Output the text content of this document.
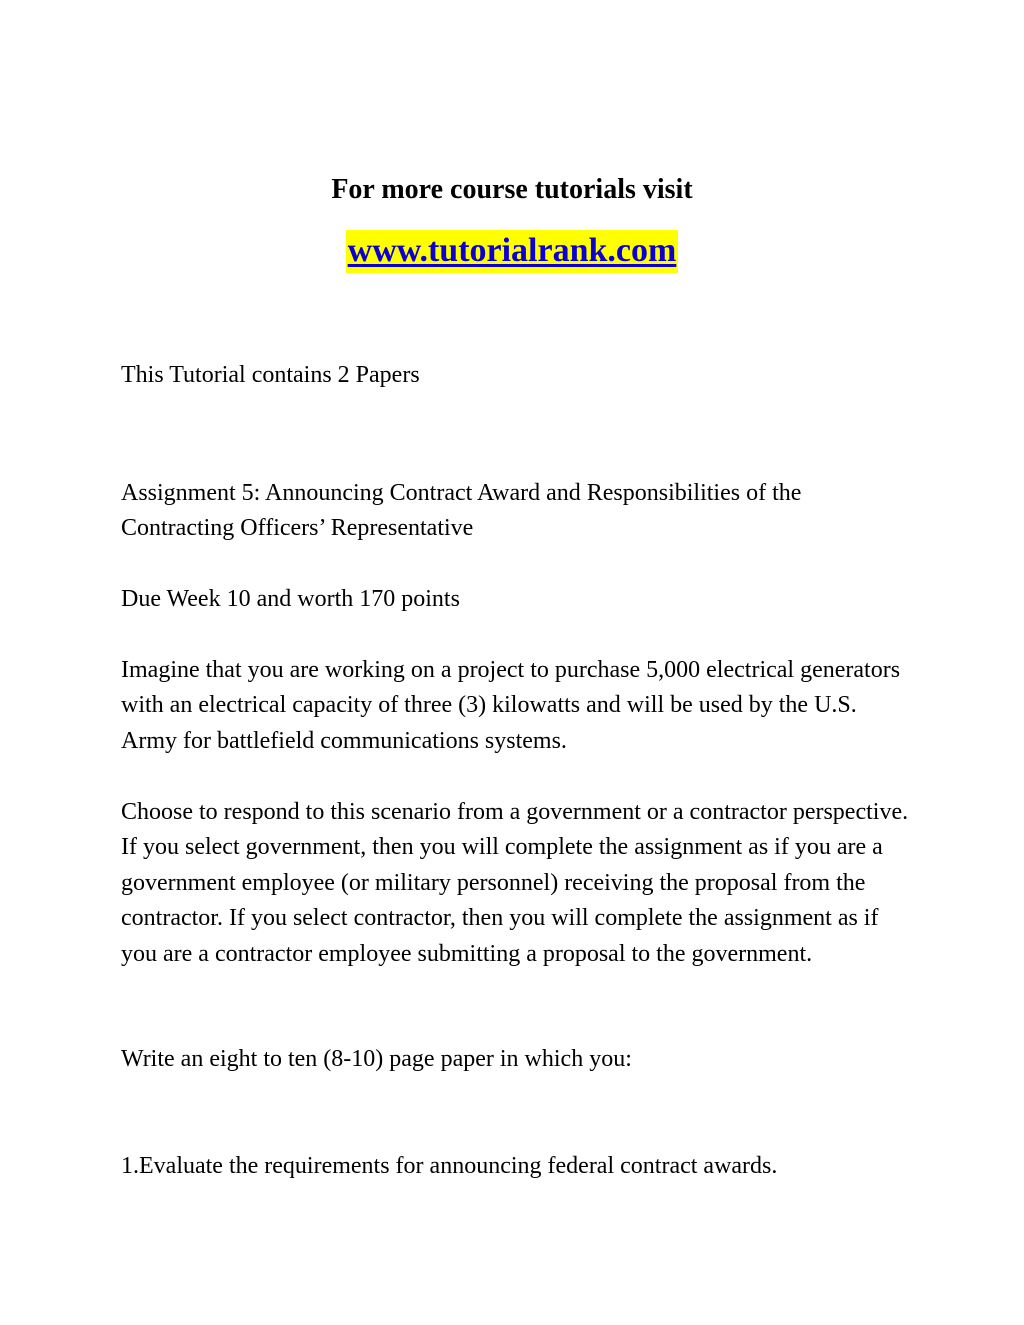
For more course tutorials visit
www.tutorialrank.com

This Tutorial contains 2 Papers

Assignment 5: Announcing Contract Award and Responsibilities of the Contracting Officers’ Representative

Due Week 10 and worth 170 points

Imagine that you are working on a project to purchase 5,000 electrical generators with an electrical capacity of three (3) kilowatts and will be used by the U.S. Army for battlefield communications systems.

Choose to respond to this scenario from a government or a contractor perspective. If you select government, then you will complete the assignment as if you are a government employee (or military personnel) receiving the proposal from the contractor. If you select contractor, then you will complete the assignment as if you are a contractor employee submitting a proposal to the government.

Write an eight to ten (8-10) page paper in which you:

1.Evaluate the requirements for announcing federal contract awards.
